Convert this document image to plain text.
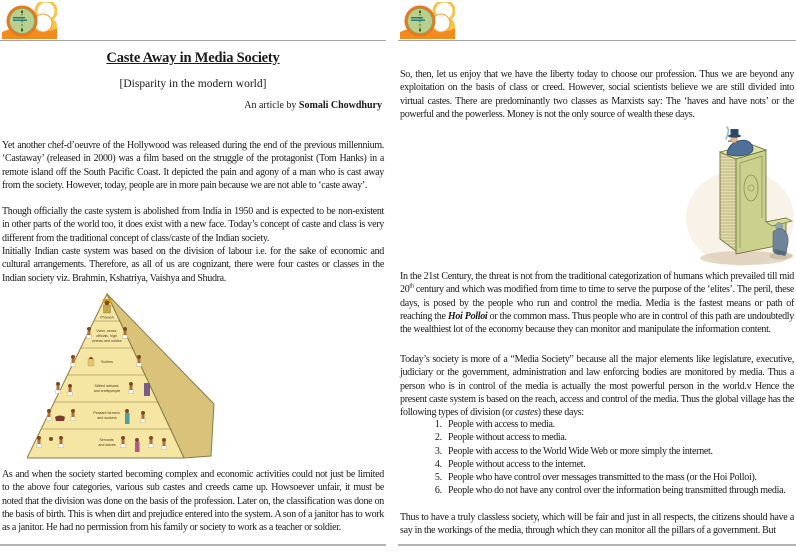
Caste Away in Media Society
[Disparity in the modern world]
An article by Somali Chowdhury

Yet another chef-d’oeuvre of the Hollywood was released during the end of the previous millennium. ‘Castaway’ (released in 2000) was a film based on the struggle of the protagonist (Tom Hanks) in a remote island off the South Pacific Coast. It depicted the pain and agony of a man who is cast away from the society. However, today, people are in more pain because we are not able to ‘caste away’.

Though officially the caste system is abolished from India in 1950 and is expected to be non-existent in other parts of the world too, it does exist with a new face. Today’s concept of caste and class is very different from the traditional concept of class/caste of the Indian society.

Initially Indian caste system was based on the division of labour i.e. for the sake of economic and cultural arrangements. Therefore, as all of us are cognizant, there were four castes or classes in the Indian society viz. Brahmin, Kshatriya, Vaishya and Shudra.

Pharaoh
Vizier, senior officials, high priests and nobles
Scribes
Skilled artisans and craftspeople
Peasant farmers and workers
Servants and slaves

As and when the society started becoming complex and economic activities could not just be limited to the above four categories, various sub castes and creeds came up. Howsoever unfair, it must be noted that the division was done on the basis of the profession. Later on, the classification was done on the basis of birth. This is when dirt and prejudice entered into the system. A son of a janitor has to work as a janitor. He had no permission from his family or society to work as a teacher or soldier.

So, then, let us enjoy that we have the liberty today to choose our profession. Thus we are beyond any exploitation on the basis of class or creed. However, social scientists believe we are still divided into virtual castes. There are predominantly two classes as Marxists say: The ‘haves and have nots’ or the powerful and the powerless. Money is not the only source of wealth these days.

In the 21st Century, the threat is not from the traditional categorization of humans which prevailed till mid 20th century and which was modified from time to time to serve the purpose of the ‘elites’. The peril, these days, is posed by the people who run and control the media. Media is the fastest means or path of reaching the Hoi Polloi or the common mass. Thus people who are in control of this path are undoubtedly the wealthiest lot of the economy because they can monitor and manipulate the information content.

Today’s society is more of a “Media Society” because all the major elements like legislature, executive, judiciary or the government, administration and law enforcing bodies are monitored by media. Thus a person who is in control of the media is actually the most powerful person in the world.v Hence the present caste system is based on the reach, access and control of the media. Thus the global village has the following types of division (or castes) these days:

1. People with access to media.
2. People without access to media.
3. People with access to the World Wide Web or more simply the internet.
4. People without access to the internet.
5. People who have control over messages transmitted to the mass (or the Hoi Polloi).
6. People who do not have any control over the information being transmitted through media.

Thus to have a truly classless society, which will be fair and just in all respects, the citizens should have a say in the workings of the media, through which they can monitor all the pillars of a government. But
